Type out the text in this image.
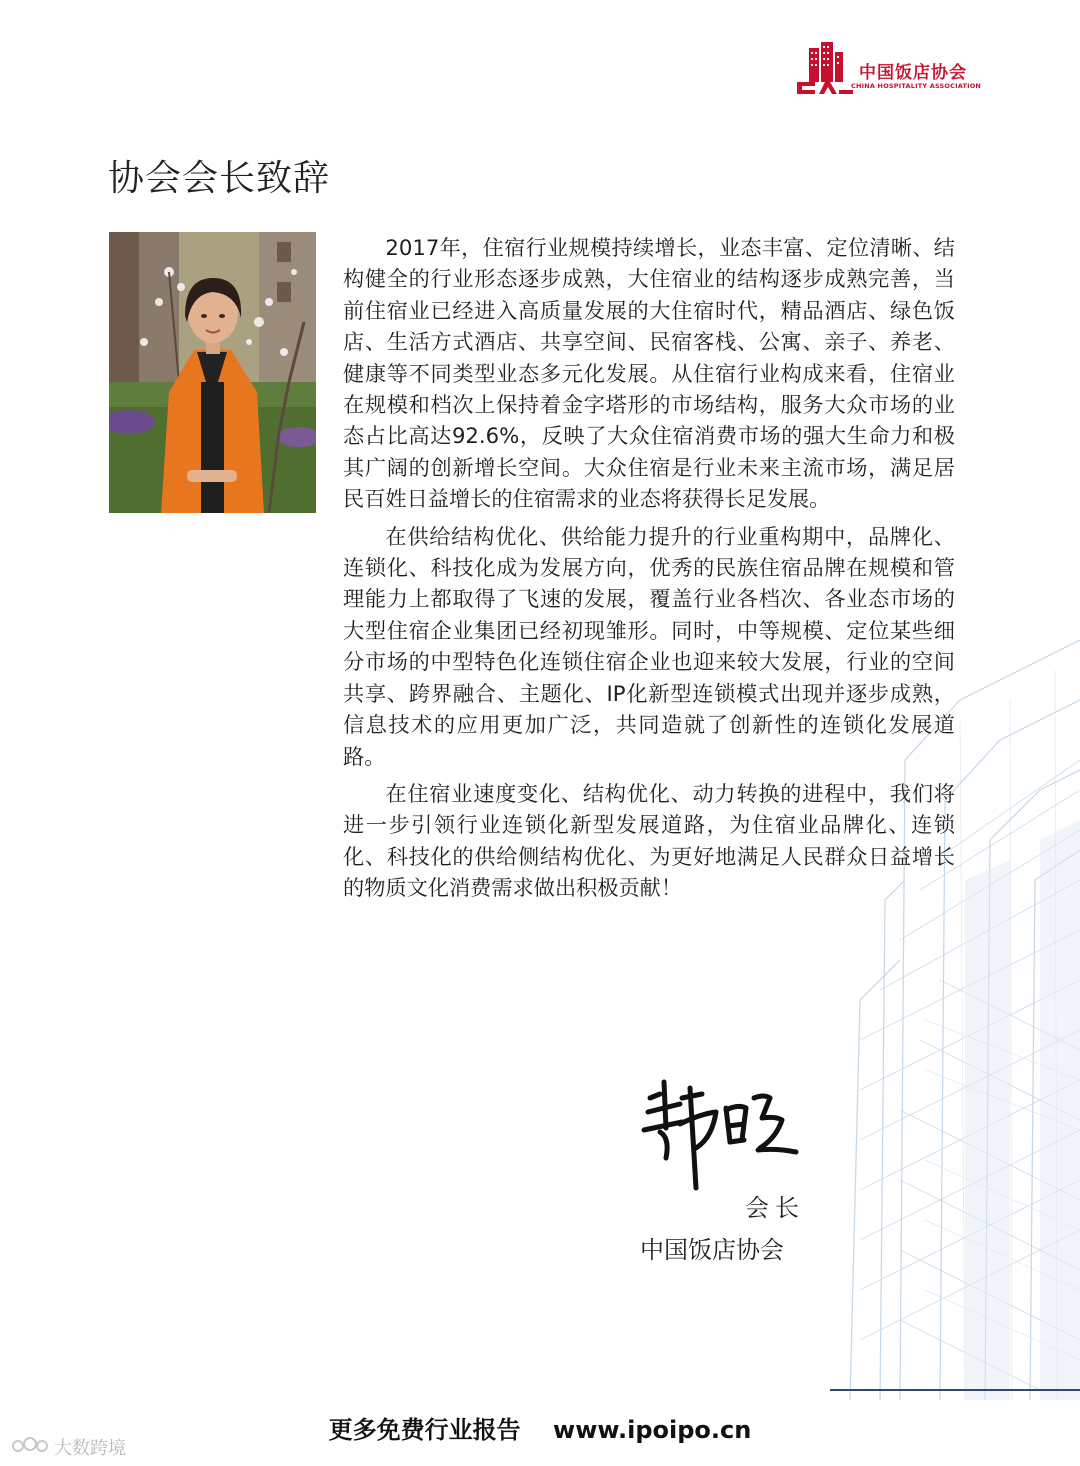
中国饭店协会
CHINA HOSPITALITY ASSOCIATION
协会会长致辞

2017年，住宿行业规模持续增长，业态丰富、定位清晰、结构健全的行业形态逐步成熟，大住宿业的结构逐步成熟完善，当前住宿业已经进入高质量发展的大住宿时代，精品酒店、绿色饭店、生活方式酒店、共享空间、民宿客栈、公寓、亲子、养老、健康等不同类型业态多元化发展。从住宿行业构成来看，住宿业在规模和档次上保持着金字塔形的市场结构，服务大众市场的业态占比高达92.6%，反映了大众住宿消费市场的强大生命力和极其广阔的创新增长空间。大众住宿是行业未来主流市场，满足居民百姓日益增长的住宿需求的业态将获得长足发展。

在供给结构优化、供给能力提升的行业重构期中，品牌化、连锁化、科技化成为发展方向，优秀的民族住宿品牌在规模和管理能力上都取得了飞速的发展，覆盖行业各档次、各业态市场的大型住宿企业集团已经初现雏形。同时，中等规模、定位某些细分市场的中型特色化连锁住宿企业也迎来较大发展，行业的空间共享、跨界融合、主题化、IP化新型连锁模式出现并逐步成熟，信息技术的应用更加广泛，共同造就了创新性的连锁化发展道路。

在住宿业速度变化、结构优化、动力转换的进程中，我们将进一步引领行业连锁化新型发展道路，为住宿业品牌化、连锁化、科技化的供给侧结构优化、为更好地满足人民群众日益增长的物质文化消费需求做出积极贡献！

会长
中国饭店协会
更多免费行业报告 www.ipoipo.cn
大数跨境
